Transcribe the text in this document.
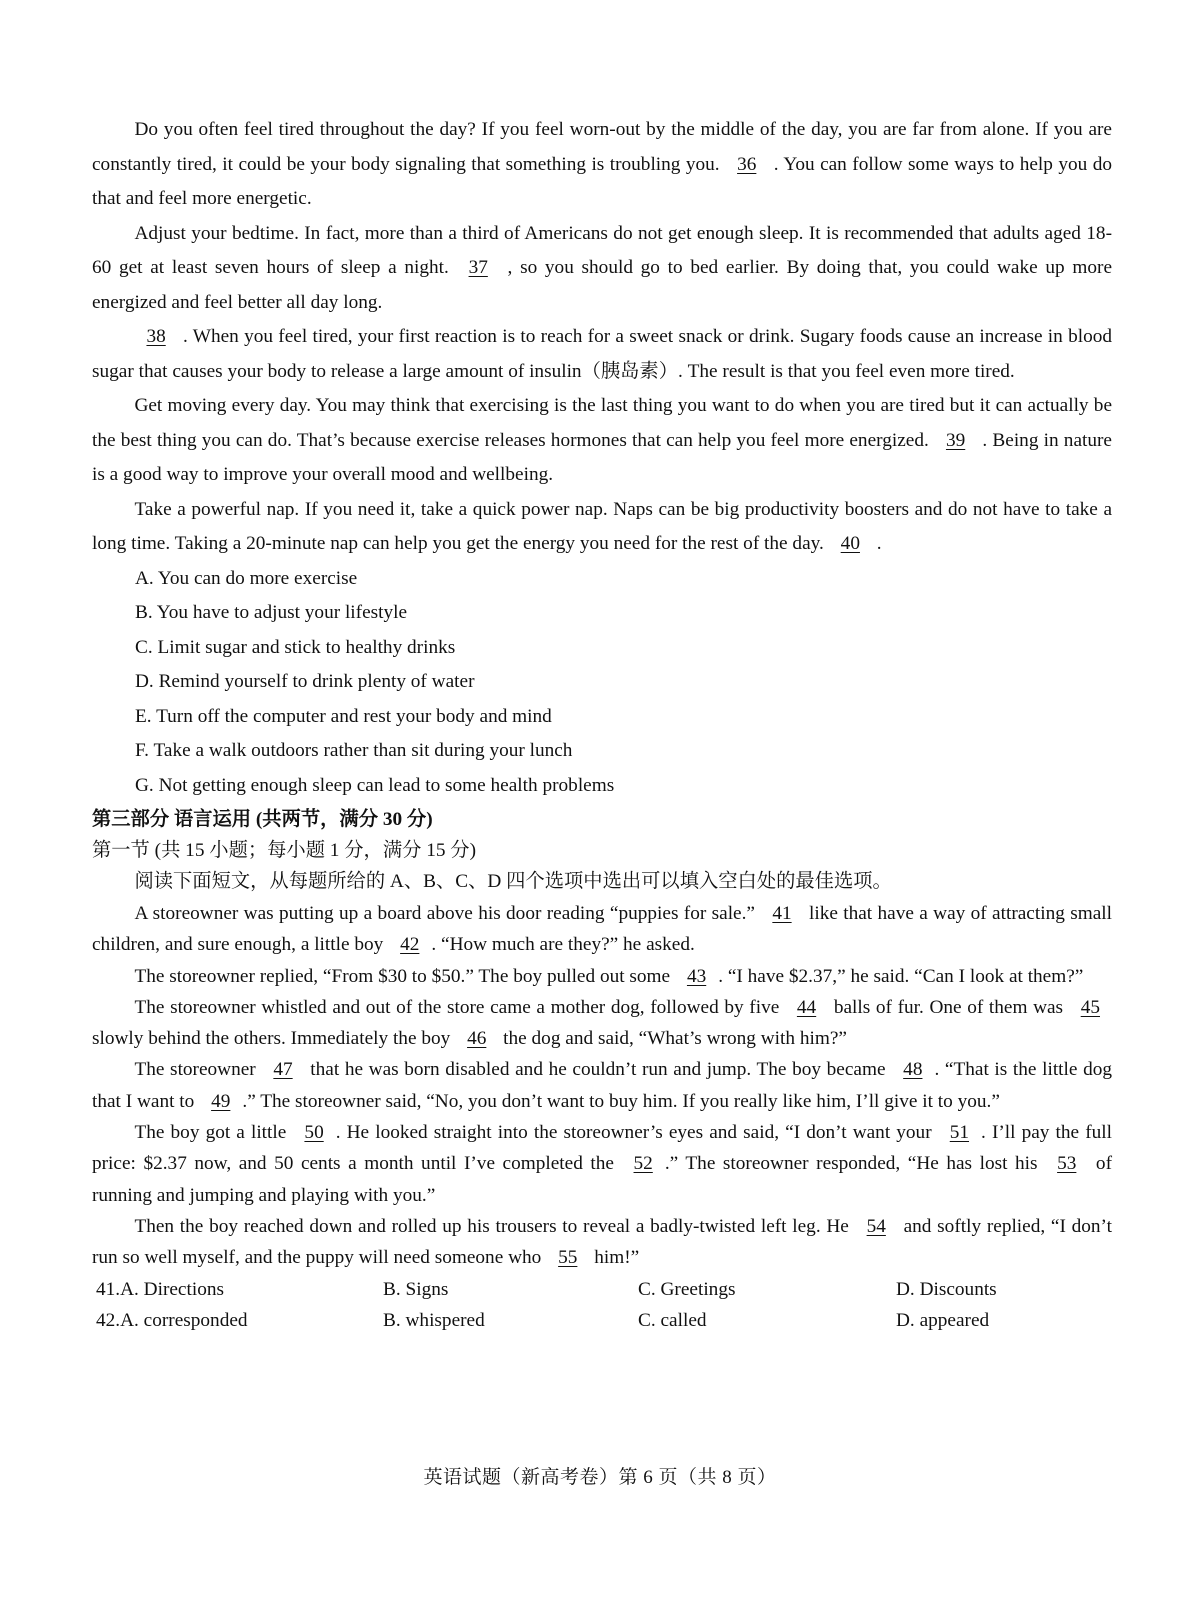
Do you often feel tired throughout the day? If you feel worn-out by the middle of the day, you are far from alone. If you are constantly tired, it could be your body signaling that something is troubling you. 36 . You can follow some ways to help you do that and feel more energetic.

Adjust your bedtime. In fact, more than a third of Americans do not get enough sleep. It is recommended that adults aged 18-60 get at least seven hours of sleep a night. 37 , so you should go to bed earlier. By doing that, you could wake up more energized and feel better all day long.

38 . When you feel tired, your first reaction is to reach for a sweet snack or drink. Sugary foods cause an increase in blood sugar that causes your body to release a large amount of insulin（胰岛素）. The result is that you feel even more tired.

Get moving every day. You may think that exercising is the last thing you want to do when you are tired but it can actually be the best thing you can do. That’s because exercise releases hormones that can help you feel more energized. 39 . Being in nature is a good way to improve your overall mood and wellbeing.

Take a powerful nap. If you need it, take a quick power nap. Naps can be big productivity boosters and do not have to take a long time. Taking a 20-minute nap can help you get the energy you need for the rest of the day. 40 .

A. You can do more exercise

B. You have to adjust your lifestyle

C. Limit sugar and stick to healthy drinks

D. Remind yourself to drink plenty of water

E. Turn off the computer and rest your body and mind

F. Take a walk outdoors rather than sit during your lunch

G. Not getting enough sleep can lead to some health problems

第三部分 语言运用 (共两节，满分 30 分)

第一节 (共 15 小题；每小题 1 分，满分 15 分)

阅读下面短文，从每题所给的 A、B、C、D 四个选项中选出可以填入空白处的最佳选项。

A storeowner was putting up a board above his door reading “puppies for sale.” 41 like that have a way of attracting small children, and sure enough, a little boy 42 . “How much are they?” he asked.

The storeowner replied, “From $30 to $50.” The boy pulled out some 43 . “I have $2.37,” he said. “Can I look at them?”

The storeowner whistled and out of the store came a mother dog, followed by five 44 balls of fur. One of them was 45 slowly behind the others. Immediately the boy 46 the dog and said, “What’s wrong with him?”

The storeowner 47 that he was born disabled and he couldn’t run and jump. The boy became 48 . “That is the little dog that I want to 49 .” The storeowner said, “No, you don’t want to buy him. If you really like him, I’ll give it to you.”

The boy got a little 50 . He looked straight into the storeowner’s eyes and said, “I don’t want your 51 . I’ll pay the full price: $2.37 now, and 50 cents a month until I’ve completed the 52 .” The storeowner responded, “He has lost his 53 of running and jumping and playing with you.”

Then the boy reached down and rolled up his trousers to reveal a badly-twisted left leg. He 54 and softly replied, “I don’t run so well myself, and the puppy will need someone who 55 him!”

41.A. Directions	B. Signs	C. Greetings	D. Discounts
42.A. corresponded	B. whispered	C. called	D. appeared
英语试题（新高考卷）第 6 页（共 8 页）
